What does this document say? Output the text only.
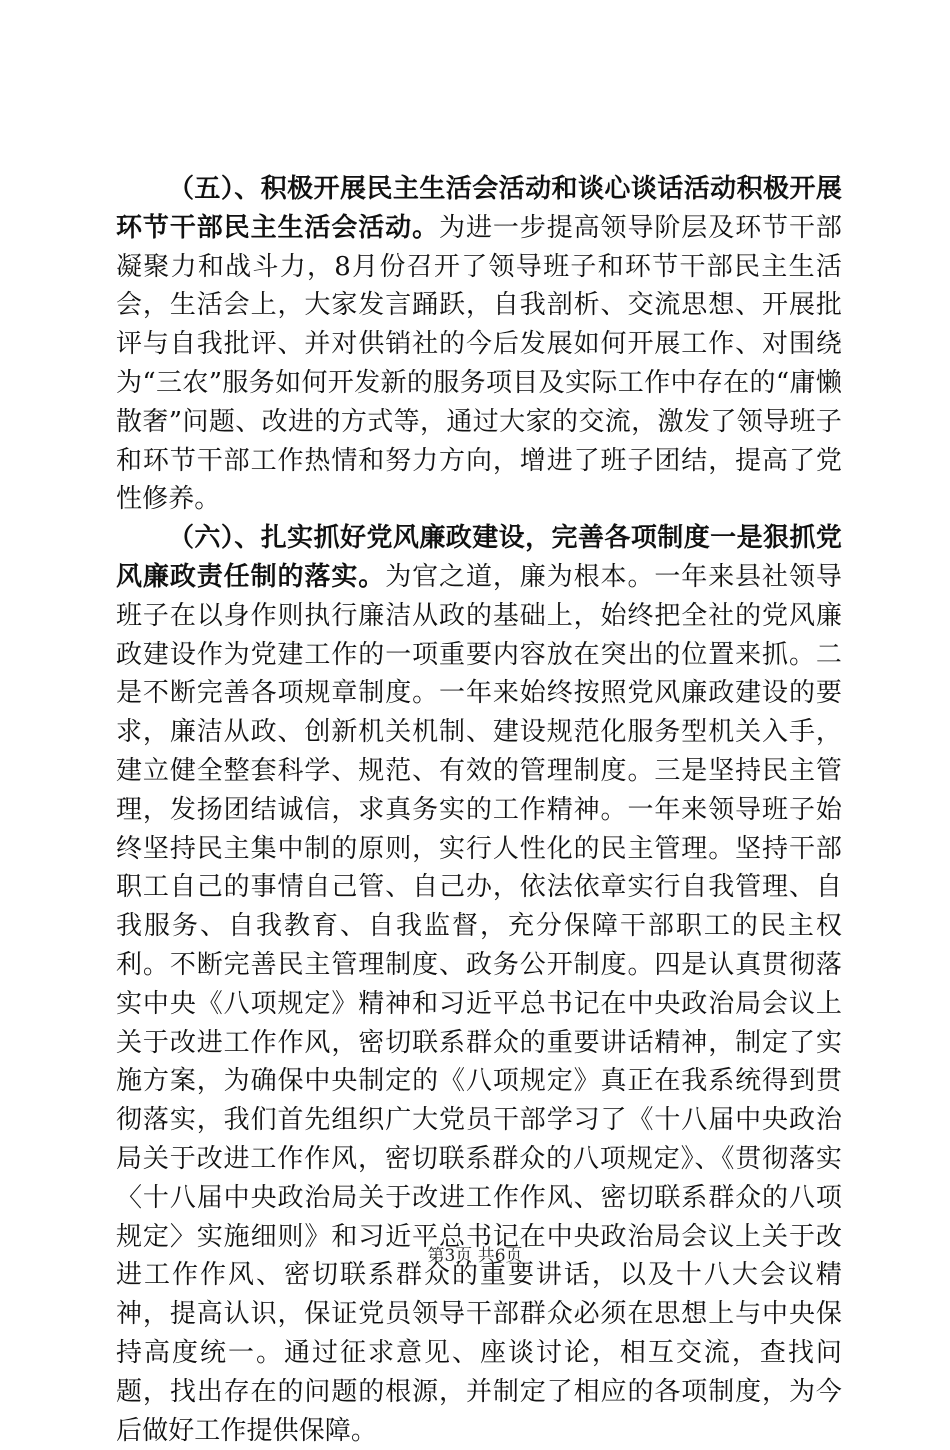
（五）、积极开展民主生活会活动和谈心谈话活动积极开展环节干部民主生活会活动。为进一步提高领导阶层及环节干部凝聚力和战斗力，8月份召开了领导班子和环节干部民主生活会，生活会上，大家发言踊跃，自我剖析、交流思想、开展批评与自我批评、并对供销社的今后发展如何开展工作、对围绕为“三农”服务如何开发新的服务项目及实际工作中存在的“庸懒散奢”问题、改进的方式等，通过大家的交流，激发了领导班子和环节干部工作热情和努力方向，增进了班子团结，提高了党性修养。

（六）、扎实抓好党风廉政建设，完善各项制度一是狠抓党风廉政责任制的落实。为官之道，廉为根本。一年来县社领导班子在以身作则执行廉洁从政的基础上，始终把全社的党风廉政建设作为党建工作的一项重要内容放在突出的位置来抓。二是不断完善各项规章制度。一年来始终按照党风廉政建设的要求，廉洁从政、创新机关机制、建设规范化服务型机关入手，建立健全整套科学、规范、有效的管理制度。三是坚持民主管理，发扬团结诚信，求真务实的工作精神。一年来领导班子始终坚持民主集中制的原则，实行人性化的民主管理。坚持干部职工自己的事情自己管、自己办，依法依章实行自我管理、自我服务、自我教育、自我监督，充分保障干部职工的民主权利。不断完善民主管理制度、政务公开制度。四是认真贯彻落实中央《八项规定》精神和习近平总书记在中央政治局会议上关于改进工作作风，密切联系群众的重要讲话精神，制定了实施方案，为确保中央制定的《八项规定》真正在我系统得到贯彻落实，我们首先组织广大党员干部学习了《十八届中央政治局关于改进工作作风，密切联系群众的八项规定》、《贯彻落实〈十八届中央政治局关于改进工作作风、密切联系群众的八项规定〉实施细则》和习近平总书记在中央政治局会议上关于改进工作作风、密切联系群众的重要讲话，以及十八大会议精神，提高认识，保证党员领导干部群众必须在思想上与中央保持高度统一。通过征求意见、座谈讨论，相互交流，查找问题，找出存在的问题的根源，并制定了相应的各项制度，为今后做好工作提供保障。

第3页 共6页
